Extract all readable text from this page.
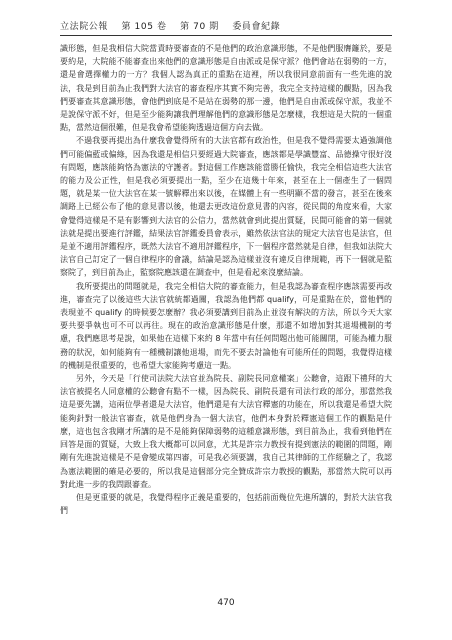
立法院公報 第 105 卷 第 70 期 委員會紀錄

識形態，但是我相信大院當責時要審查的不是他們的政治意識形態，不是他們服膺籬於，要是要約是，大院能不能審查出來他們的意識形態是自由派或是保守派？他們會站在弱勢的一方，還是會選擇權力的一方？我個人認為真正的重點在這裡，所以我很同意前面有一些先進的說法，我是到目前為止我們對大法官的審查程序其實不夠完善，我完全支持這樣的觀點，因為我們要審查其意識形態，會他們到底是不是站在弱勢的那一邊，他們是自由派或保守派，我並不是說保守派不好，但是至少能夠讓我們理解他們的意識形態是怎麼樣，我想這是大院的一個重點，當然這個很難，但是我會希望能夠透過這個方向去做。

不過我要再提出為什麼我會覺得所有的大法官都有政治性，但是我不覺得需要太過強調他們可能偏藍或偏綠，因為我還是相信只要經過大院審查，應該都是學識豐富、品德操守很好沒有問題，應該能夠恪為憲法的守護者。對這個工作應該能當勝任愉快，我完全相信這些大法官的能力及公正性，但是我必須要提出一點，至少在這幾十年來，甚至在上一個產生了一個問題，就是某一位大法官在某一號解釋出來以後，在媒體上有一些明顯不當的發言，甚至在後來調路上已經公布了他的意見書以後，他還去更改這份意見書的內容，從民間的角度來看，大家會覺得這樣是不是有影響到大法官的公信力，當然就會到此提出質疑，民間可能會的第一個就法就是提出要進行評鑑，結果法官評鑑委員會表示，雖然依法官法的規定大法官也是法官，但是並不適用評鑑程序，既然大法官不適用評鑑程序，下一個程序當然就是自律，但我如法院大法官自己訂定了一個自律程序的會議，結論是認為這樣並沒有違反自律規範，再下一個就是監察院了，到目前為止，監察院應該還在調查中，但是看起來沒麼結論。

我所要提出的問題就是，我完全相信大院的審查能力，但是我認為審查程序應該需要再改進，審查完了以後這些大法官就統都過關，我認為他們都 qualify，可是重點在於，當他們的表現並不 qualify 的時候要怎麼辦？我必須要講到目前為止並沒有解決的方法，所以今天大家要共要爭執也可不可以再往。現在的政治意識形態是什麼，那還不如增加對其退場機制的考慮，我們應思考是說，如果他在這樣下來約 8 年當中有任何問題出他可能關閉，可能為權力服務的狀況，如何能夠有一種機制讓他退場，而先不要去討論他有可能所任的問題，我覺得這樣的機制是很重要的，也希望大家能夠考慮這一點。

另外，今天是「行使司法院大法官並為院長、副院長同意權案」公聽會，這跟下禮拜的大法官被提名人同意權的公聽會有點不一樣，因為院長、副院長還有司法行政的部分，那當然我這是要先講，這兩位學者還是大法官，他們還是有大法官釋憲的功能在，所以我還是希望大院能夠針對一般法官審查，就是他們身為一個大法官，他們本身對於釋憲這個工作的觀點是什麼，這也包含我剛才所講的是不是能夠保障弱勢的這種意識形態，到目前為止，我看到他們在回答是面的質疑，大致上我大概都可以同意，尤其是許宗力教授有提到憲法的範圍的問題，剛剛有先進說這樣是不是會變成第四審，可是我必須要講，我自己其律師的工作經驗之了，我認為憲法範圍的確是必要的，所以我是這個部分完全贊成許宗力教授的觀點，那當然大院可以再對此進一步的我問跟審查。

但是更重要的就是，我覺得程序正義是重要的，包括前面幾位先進所講的，對於大法官我們

470
